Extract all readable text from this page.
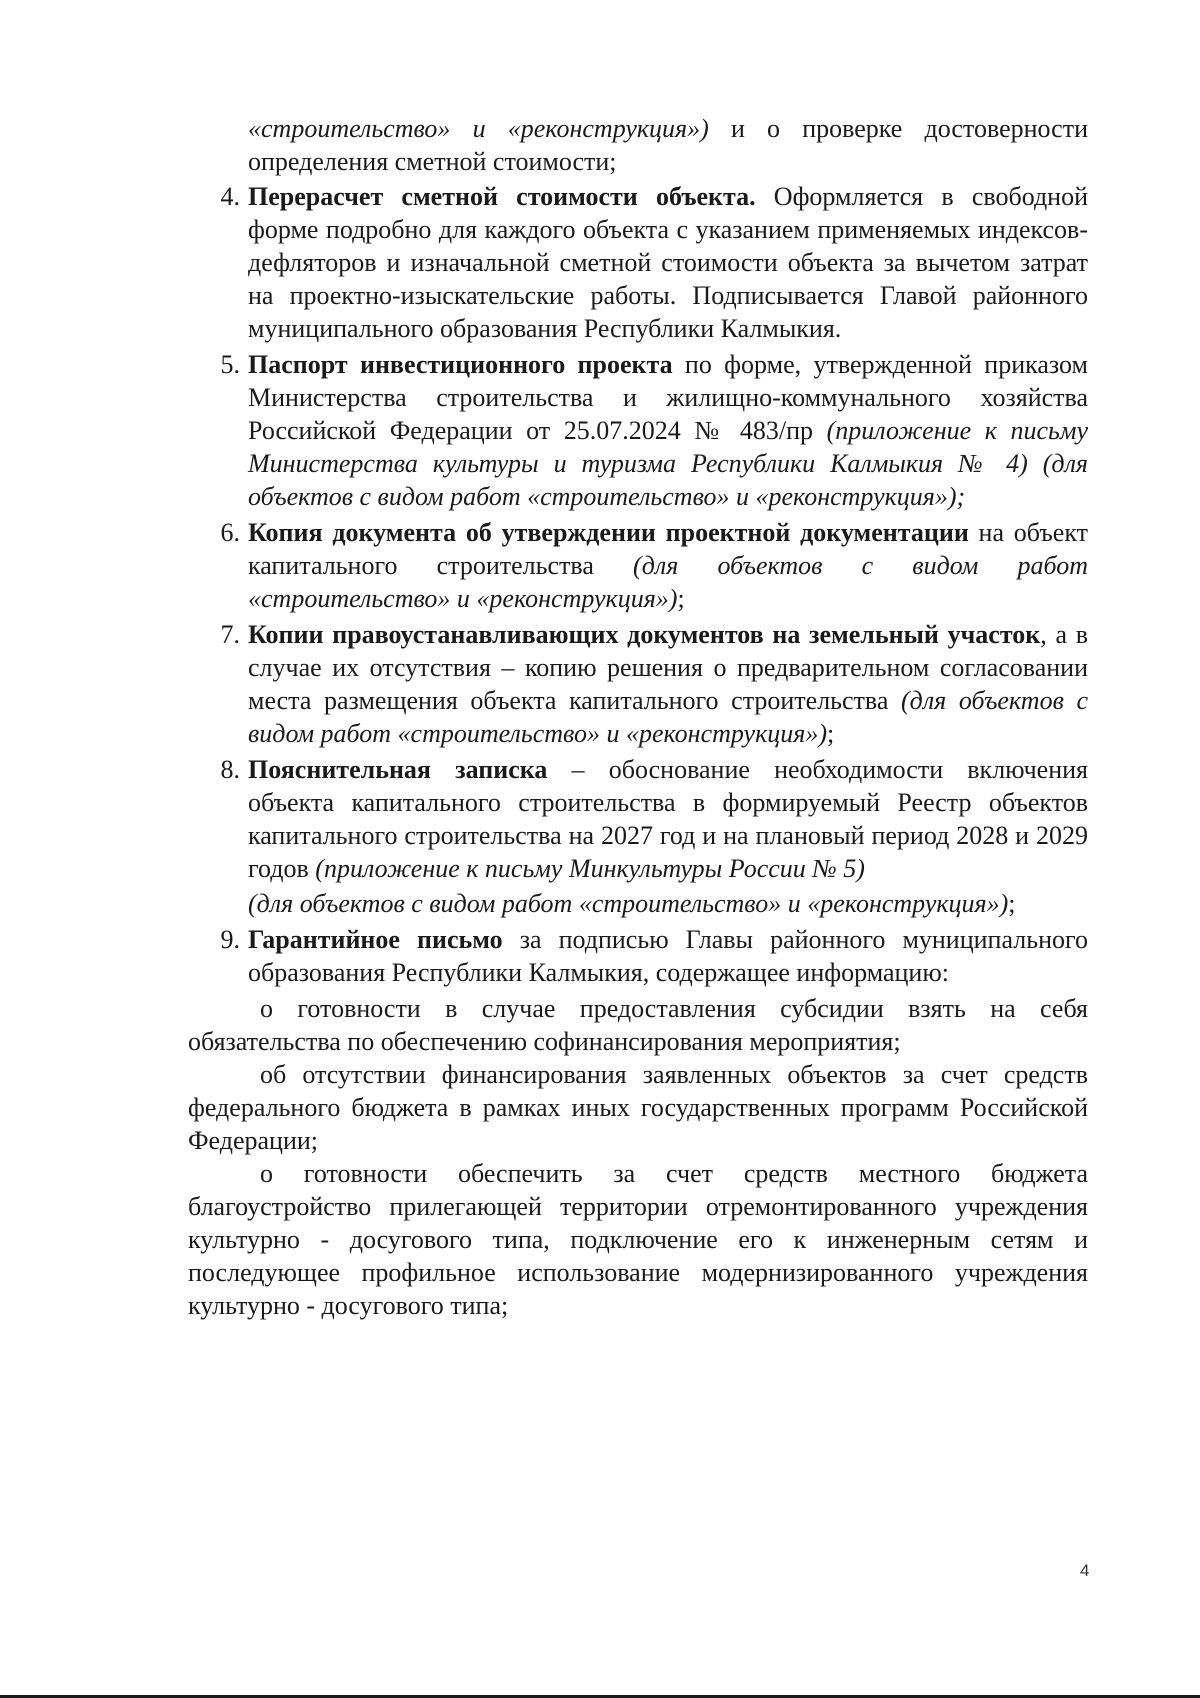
«строительство» и «реконструкция») и о проверке достоверности определения сметной стоимости;

4. Перерасчет сметной стоимости объекта. Оформляется в свободной форме подробно для каждого объекта с указанием применяемых индексов-дефляторов и изначальной сметной стоимости объекта за вычетом затрат на проектно-изыскательские работы. Подписывается Главой районного муниципального образования Республики Калмыкия.

5. Паспорт инвестиционного проекта по форме, утвержденной приказом Министерства строительства и жилищно-коммунального хозяйства Российской Федерации от 25.07.2024 № 483/пр (приложение к письму Министерства культуры и туризма Республики Калмыкия № 4) (для объектов с видом работ «строительство» и «реконструкция»);

6. Копия документа об утверждении проектной документации на объект капитального строительства (для объектов с видом работ «строительство» и «реконструкция»);

7. Копии правоустанавливающих документов на земельный участок, а в случае их отсутствия – копию решения о предварительном согласовании места размещения объекта капитального строительства (для объектов с видом работ «строительство» и «реконструкция»);

8. Пояснительная записка – обоснование необходимости включения объекта капитального строительства в формируемый Реестр объектов капитального строительства на 2027 год и на плановый период 2028 и 2029 годов (приложение к письму Минкультуры России № 5)

(для объектов с видом работ «строительство» и «реконструкция»);

9. Гарантийное письмо за подписью Главы районного муниципального образования Республики Калмыкия, содержащее информацию:

о готовности в случае предоставления субсидии взять на себя обязательства по обеспечению софинансирования мероприятия;

об отсутствии финансирования заявленных объектов за счет средств федерального бюджета в рамках иных государственных программ Российской Федерации;

о готовности обеспечить за счет средств местного бюджета благоустройство прилегающей территории отремонтированного учреждения культурно - досугового типа, подключение его к инженерным сетям и последующее профильное использование модернизированного учреждения культурно - досугового типа;

4
